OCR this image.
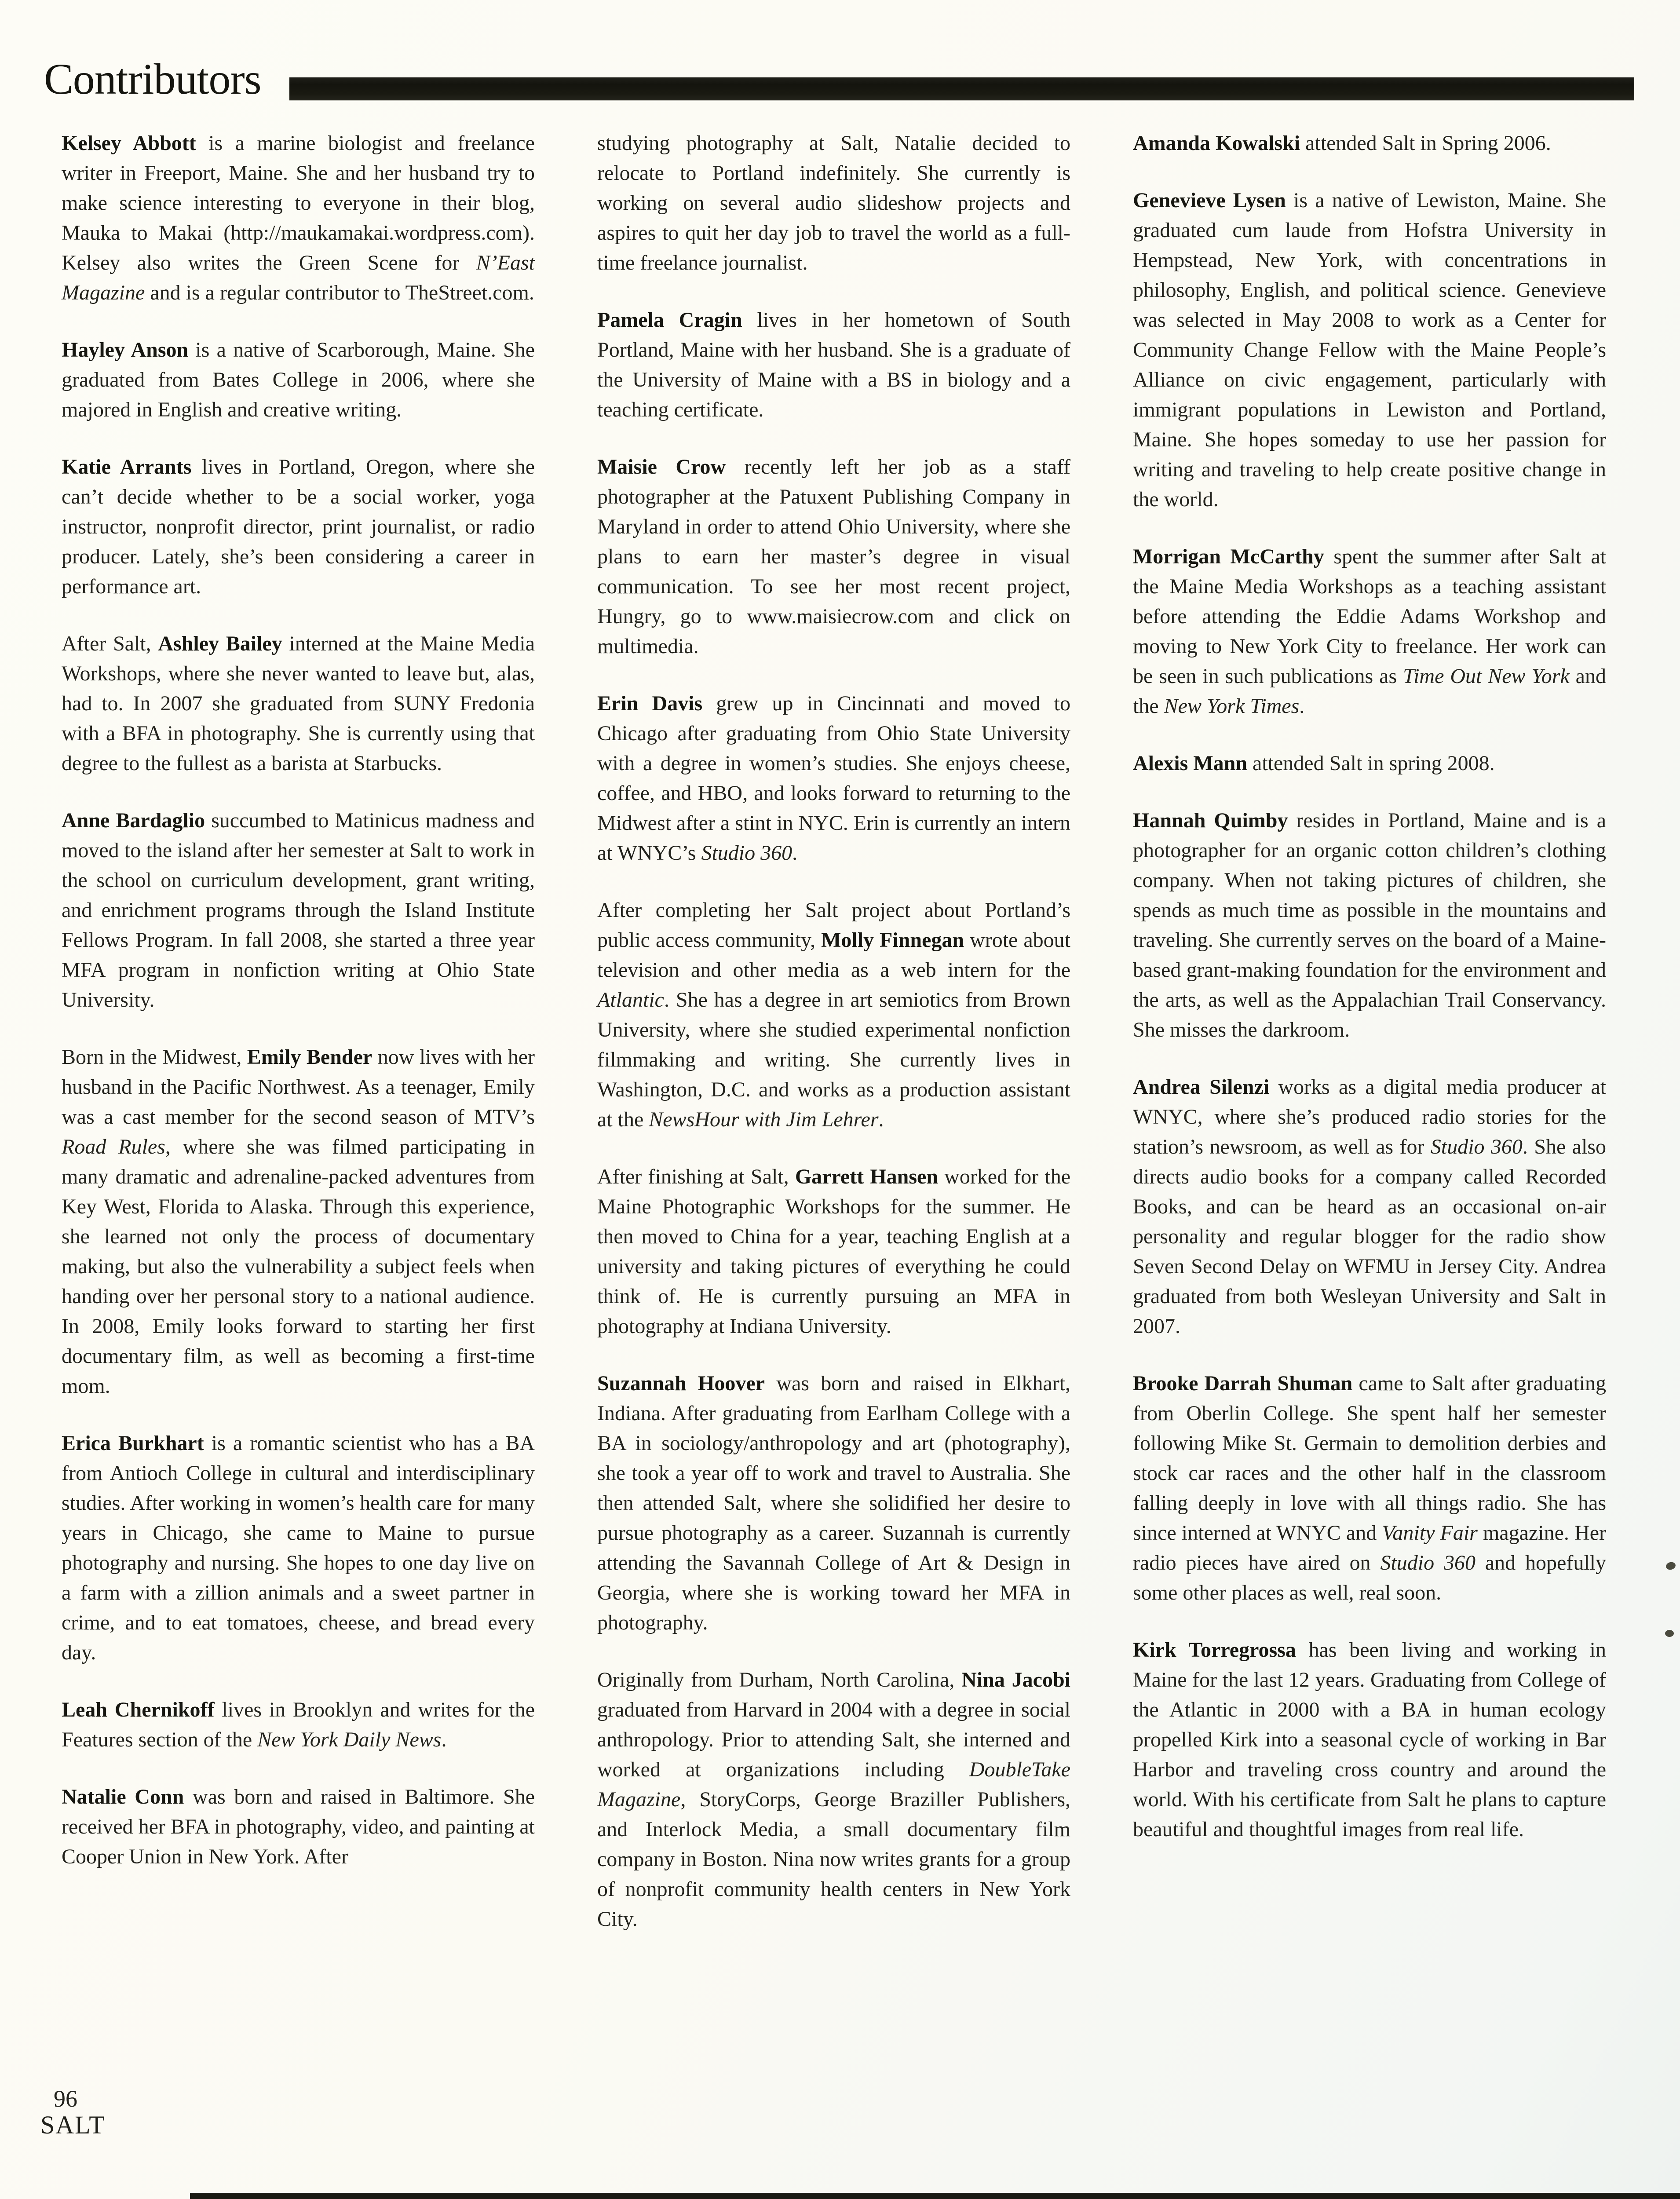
Contributors

Kelsey Abbott is a marine biologist and freelance writer in Freeport, Maine. She and her husband try to make science interesting to everyone in their blog, Mauka to Makai (http://maukamakai.wordpress.com). Kelsey also writes the Green Scene for N’East Magazine and is a regular contributor to TheStreet.com.

Hayley Anson is a native of Scarborough, Maine. She graduated from Bates College in 2006, where she majored in English and creative writing.

Katie Arrants lives in Portland, Oregon, where she can’t decide whether to be a social worker, yoga instructor, nonprofit director, print journalist, or radio producer. Lately, she’s been considering a career in performance art.

After Salt, Ashley Bailey interned at the Maine Media Workshops, where she never wanted to leave but, alas, had to. In 2007 she graduated from SUNY Fredonia with a BFA in photography. She is currently using that degree to the fullest as a barista at Starbucks.

Anne Bardaglio succumbed to Matinicus madness and moved to the island after her semester at Salt to work in the school on curriculum development, grant writing, and enrichment programs through the Island Institute Fellows Program. In fall 2008, she started a three year MFA program in nonfiction writing at Ohio State University.

Born in the Midwest, Emily Bender now lives with her husband in the Pacific Northwest. As a teenager, Emily was a cast member for the second season of MTV’s Road Rules, where she was filmed participating in many dramatic and adrenaline-packed adventures from Key West, Florida to Alaska. Through this experience, she learned not only the process of documentary making, but also the vulnerability a subject feels when handing over her personal story to a national audience. In 2008, Emily looks forward to starting her first documentary film, as well as becoming a first-time mom.

Erica Burkhart is a romantic scientist who has a BA from Antioch College in cultural and interdisciplinary studies. After working in women’s health care for many years in Chicago, she came to Maine to pursue photography and nursing. She hopes to one day live on a farm with a zillion animals and a sweet partner in crime, and to eat tomatoes, cheese, and bread every day.

Leah Chernikoff lives in Brooklyn and writes for the Features section of the New York Daily News.

Natalie Conn was born and raised in Baltimore. She received her BFA in photography, video, and painting at Cooper Union in New York. After

studying photography at Salt, Natalie decided to relocate to Portland indefinitely. She currently is working on several audio slideshow projects and aspires to quit her day job to travel the world as a full-time freelance journalist.

Pamela Cragin lives in her hometown of South Portland, Maine with her husband. She is a graduate of the University of Maine with a BS in biology and a teaching certificate.

Maisie Crow recently left her job as a staff photographer at the Patuxent Publishing Company in Maryland in order to attend Ohio University, where she plans to earn her master’s degree in visual communication. To see her most recent project, Hungry, go to www.maisiecrow.com and click on multimedia.

Erin Davis grew up in Cincinnati and moved to Chicago after graduating from Ohio State University with a degree in women’s studies. She enjoys cheese, coffee, and HBO, and looks forward to returning to the Midwest after a stint in NYC. Erin is currently an intern at WNYC’s Studio 360.

After completing her Salt project about Portland’s public access community, Molly Finnegan wrote about television and other media as a web intern for the Atlantic. She has a degree in art semiotics from Brown University, where she studied experimental nonfiction filmmaking and writing. She currently lives in Washington, D.C. and works as a production assistant at the NewsHour with Jim Lehrer.

After finishing at Salt, Garrett Hansen worked for the Maine Photographic Workshops for the summer. He then moved to China for a year, teaching English at a university and taking pictures of everything he could think of. He is currently pursuing an MFA in photography at Indiana University.

Suzannah Hoover was born and raised in Elkhart, Indiana. After graduating from Earlham College with a BA in sociology/anthropology and art (photography), she took a year off to work and travel to Australia. She then attended Salt, where she solidified her desire to pursue photography as a career. Suzannah is currently attending the Savannah College of Art & Design in Georgia, where she is working toward her MFA in photography.

Originally from Durham, North Carolina, Nina Jacobi graduated from Harvard in 2004 with a degree in social anthropology. Prior to attending Salt, she interned and worked at organizations including DoubleTake Magazine, StoryCorps, George Braziller Publishers, and Interlock Media, a small documentary film company in Boston. Nina now writes grants for a group of nonprofit community health centers in New York City.

Amanda Kowalski attended Salt in Spring 2006.

Genevieve Lysen is a native of Lewiston, Maine. She graduated cum laude from Hofstra University in Hempstead, New York, with concentrations in philosophy, English, and political science. Genevieve was selected in May 2008 to work as a Center for Community Change Fellow with the Maine People’s Alliance on civic engagement, particularly with immigrant populations in Lewiston and Portland, Maine. She hopes someday to use her passion for writing and traveling to help create positive change in the world.

Morrigan McCarthy spent the summer after Salt at the Maine Media Workshops as a teaching assistant before attending the Eddie Adams Workshop and moving to New York City to freelance. Her work can be seen in such publications as Time Out New York and the New York Times.

Alexis Mann attended Salt in spring 2008.

Hannah Quimby resides in Portland, Maine and is a photographer for an organic cotton children’s clothing company. When not taking pictures of children, she spends as much time as possible in the mountains and traveling. She currently serves on the board of a Maine-based grant-making foundation for the environment and the arts, as well as the Appalachian Trail Conservancy. She misses the darkroom.

Andrea Silenzi works as a digital media producer at WNYC, where she’s produced radio stories for the station’s newsroom, as well as for Studio 360. She also directs audio books for a company called Recorded Books, and can be heard as an occasional on-air personality and regular blogger for the radio show Seven Second Delay on WFMU in Jersey City. Andrea graduated from both Wesleyan University and Salt in 2007.

Brooke Darrah Shuman came to Salt after graduating from Oberlin College. She spent half her semester following Mike St. Germain to demolition derbies and stock car races and the other half in the classroom falling deeply in love with all things radio. She has since interned at WNYC and Vanity Fair magazine. Her radio pieces have aired on Studio 360 and hopefully some other places as well, real soon.

Kirk Torregrossa has been living and working in Maine for the last 12 years. Graduating from College of the Atlantic in 2000 with a BA in human ecology propelled Kirk into a seasonal cycle of working in Bar Harbor and traveling cross country and around the world. With his certificate from Salt he plans to capture beautiful and thoughtful images from real life.

96
SALT
